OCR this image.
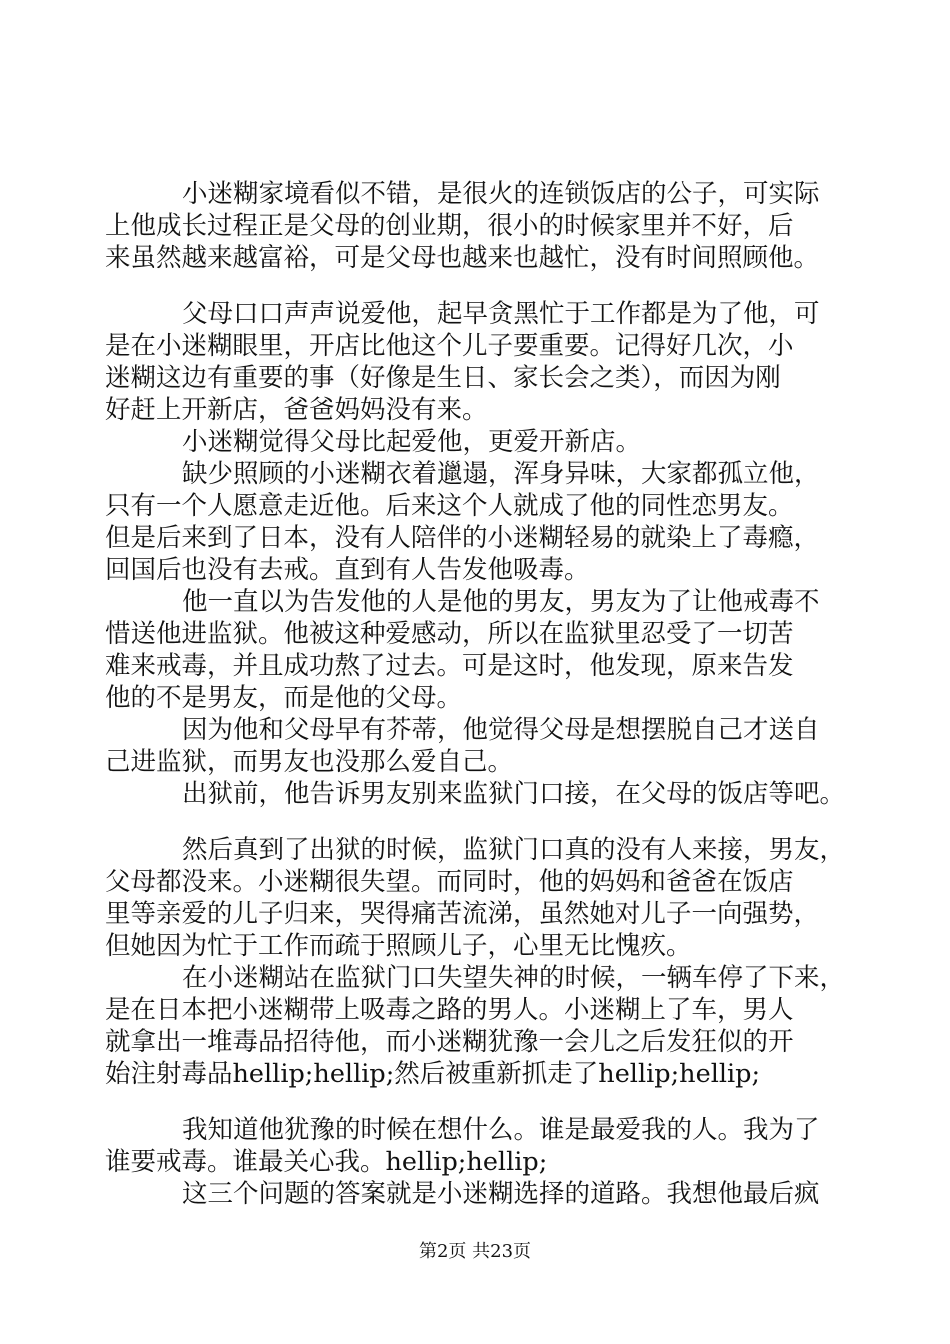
小迷糊家境看似不错，是很火的连锁饭店的公子，可实际
上他成长过程正是父母的创业期，很小的时候家里并不好，后
来虽然越来越富裕，可是父母也越来也越忙，没有时间照顾他。
父母口口声声说爱他，起早贪黑忙于工作都是为了他，可
是在小迷糊眼里，开店比他这个儿子要重要。记得好几次，小
迷糊这边有重要的事（好像是生日、家长会之类），而因为刚
好赶上开新店，爸爸妈妈没有来。
小迷糊觉得父母比起爱他，更爱开新店。
缺少照顾的小迷糊衣着邋遢，浑身异味，大家都孤立他，
只有一个人愿意走近他。后来这个人就成了他的同性恋男友。
但是后来到了日本，没有人陪伴的小迷糊轻易的就染上了毒瘾，
回国后也没有去戒。直到有人告发他吸毒。
他一直以为告发他的人是他的男友，男友为了让他戒毒不
惜送他进监狱。他被这种爱感动，所以在监狱里忍受了一切苦
难来戒毒，并且成功熬了过去。可是这时，他发现，原来告发
他的不是男友，而是他的父母。
因为他和父母早有芥蒂，他觉得父母是想摆脱自己才送自
己进监狱，而男友也没那么爱自己。
出狱前，他告诉男友别来监狱门口接，在父母的饭店等吧。
然后真到了出狱的时候，监狱门口真的没有人来接，男友，
父母都没来。小迷糊很失望。而同时，他的妈妈和爸爸在饭店
里等亲爱的儿子归来，哭得痛苦流涕，虽然她对儿子一向强势，
但她因为忙于工作而疏于照顾儿子，心里无比愧疚。
在小迷糊站在监狱门口失望失神的时候，一辆车停了下来，
是在日本把小迷糊带上吸毒之路的男人。小迷糊上了车，男人
就拿出一堆毒品招待他，而小迷糊犹豫一会儿之后发狂似的开
始注射毒品hellip;hellip;然后被重新抓走了hellip;hellip;
我知道他犹豫的时候在想什么。谁是最爱我的人。我为了
谁要戒毒。谁最关心我。hellip;hellip;
这三个问题的答案就是小迷糊选择的道路。我想他最后疯
第2页 共23页
